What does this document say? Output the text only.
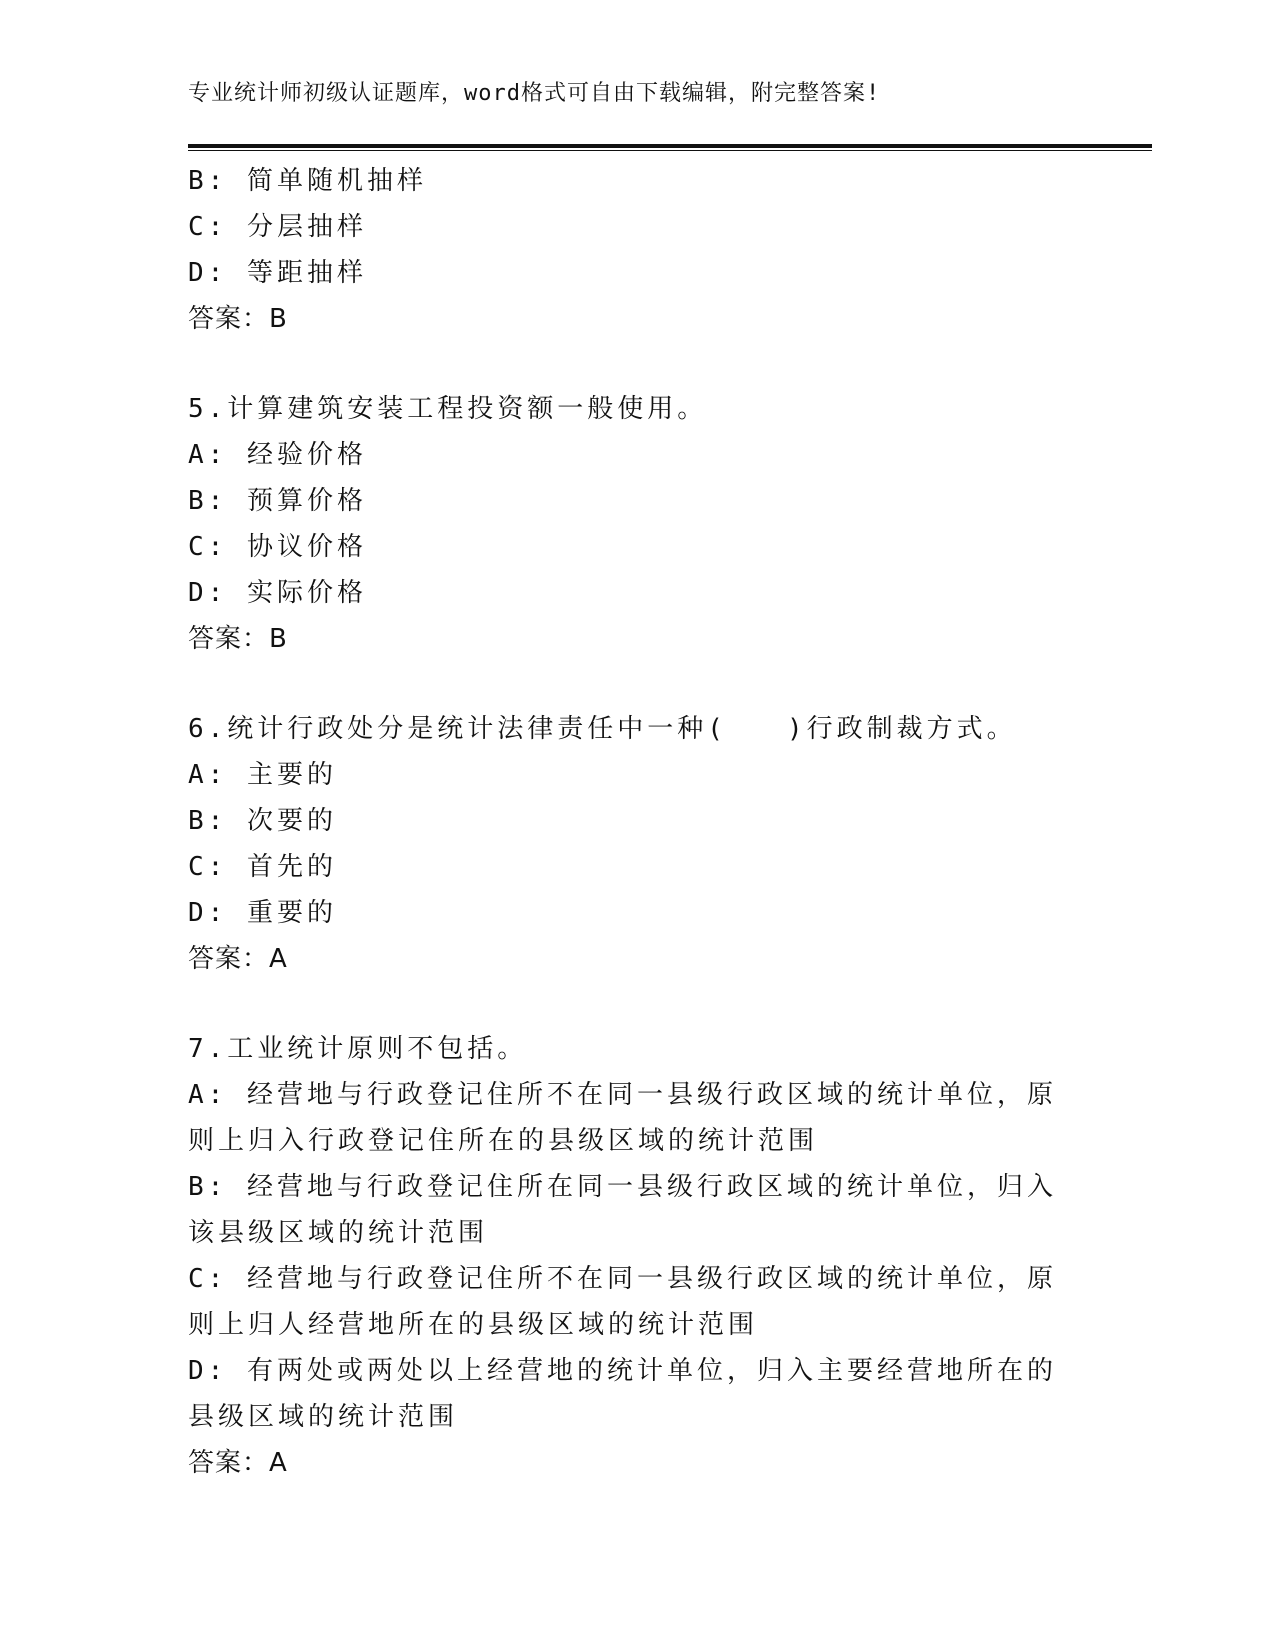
专业统计师初级认证题库，word格式可自由下载编辑，附完整答案!
B: 简单随机抽样
C: 分层抽样
D: 等距抽样
答案：B
5.计算建筑安装工程投资额一般使用。
A: 经验价格
B: 预算价格
C: 协议价格
D: 实际价格
答案：B
6.统计行政处分是统计法律责任中一种(　　)行政制裁方式。
A: 主要的
B: 次要的
C: 首先的
D: 重要的
答案：A
7.工业统计原则不包括。
A: 经营地与行政登记住所不在同一县级行政区域的统计单位，原则上归入行政登记住所在的县级区域的统计范围
B: 经营地与行政登记住所在同一县级行政区域的统计单位，归入该县级区域的统计范围
C: 经营地与行政登记住所不在同一县级行政区域的统计单位，原则上归人经营地所在的县级区域的统计范围
D: 有两处或两处以上经营地的统计单位，归入主要经营地所在的县级区域的统计范围
答案：A
